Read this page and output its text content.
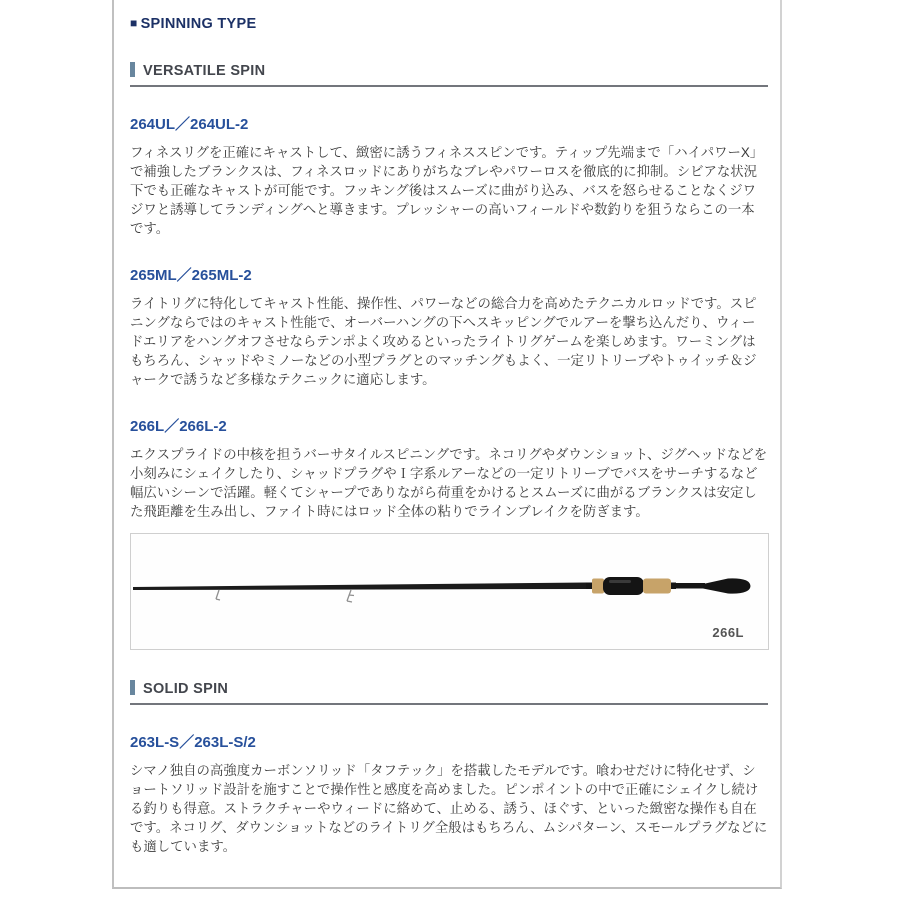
■ SPINNING TYPE
VERSATILE SPIN
264UL／264UL-2
フィネスリグを正確にキャストして、緻密に誘うフィネススピンです。ティップ先端まで「ハイパワーX」で補強したブランクスは、フィネスロッドにありがちなブレやパワーロスを徹底的に抑制。シビアな状況下でも正確なキャストが可能です。フッキング後はスムーズに曲がり込み、バスを怒らせることなくジワジワと誘導してランディングへと導きます。プレッシャーの高いフィールドや数釣りを狙うならこの一本です。
265ML／265ML-2
ライトリグに特化してキャスト性能、操作性、パワーなどの総合力を高めたテクニカルロッドです。スピニングならではのキャスト性能で、オーバーハングの下へスキッピングでルアーを撃ち込んだり、ウィードエリアをハングオフさせならテンポよく攻めるといったライトリグゲームを楽しめます。ワーミングはもちろん、シャッドやミノーなどの小型プラグとのマッチングもよく、一定リトリーブやトゥイッチ＆ジャークで誘うなど多様なテクニックに適応します。
266L／266L-2
エクスプライドの中核を担うバーサタイルスピニングです。ネコリグやダウンショット、ジグヘッドなどを小刻みにシェイクしたり、シャッドプラグやＩ字系ルアーなどの一定リトリーブでバスをサーチするなど幅広いシーンで活躍。軽くてシャープでありながら荷重をかけるとスムーズに曲がるブランクスは安定した飛距離を生み出し、ファイト時にはロッド全体の粘りでラインブレイクを防ぎます。
266L
SOLID SPIN
263L-S／263L-S/2
シマノ独自の高強度カーボンソリッド「タフテック」を搭載したモデルです。喰わせだけに特化せず、ショートソリッド設計を施すことで操作性と感度を高めました。ピンポイントの中で正確にシェイクし続ける釣りも得意。ストラクチャーやウィードに絡めて、止める、誘う、ほぐす、といった緻密な操作も自在です。ネコリグ、ダウンショットなどのライトリグ全般はもちろん、ムシパターン、スモールプラグなどにも適しています。
